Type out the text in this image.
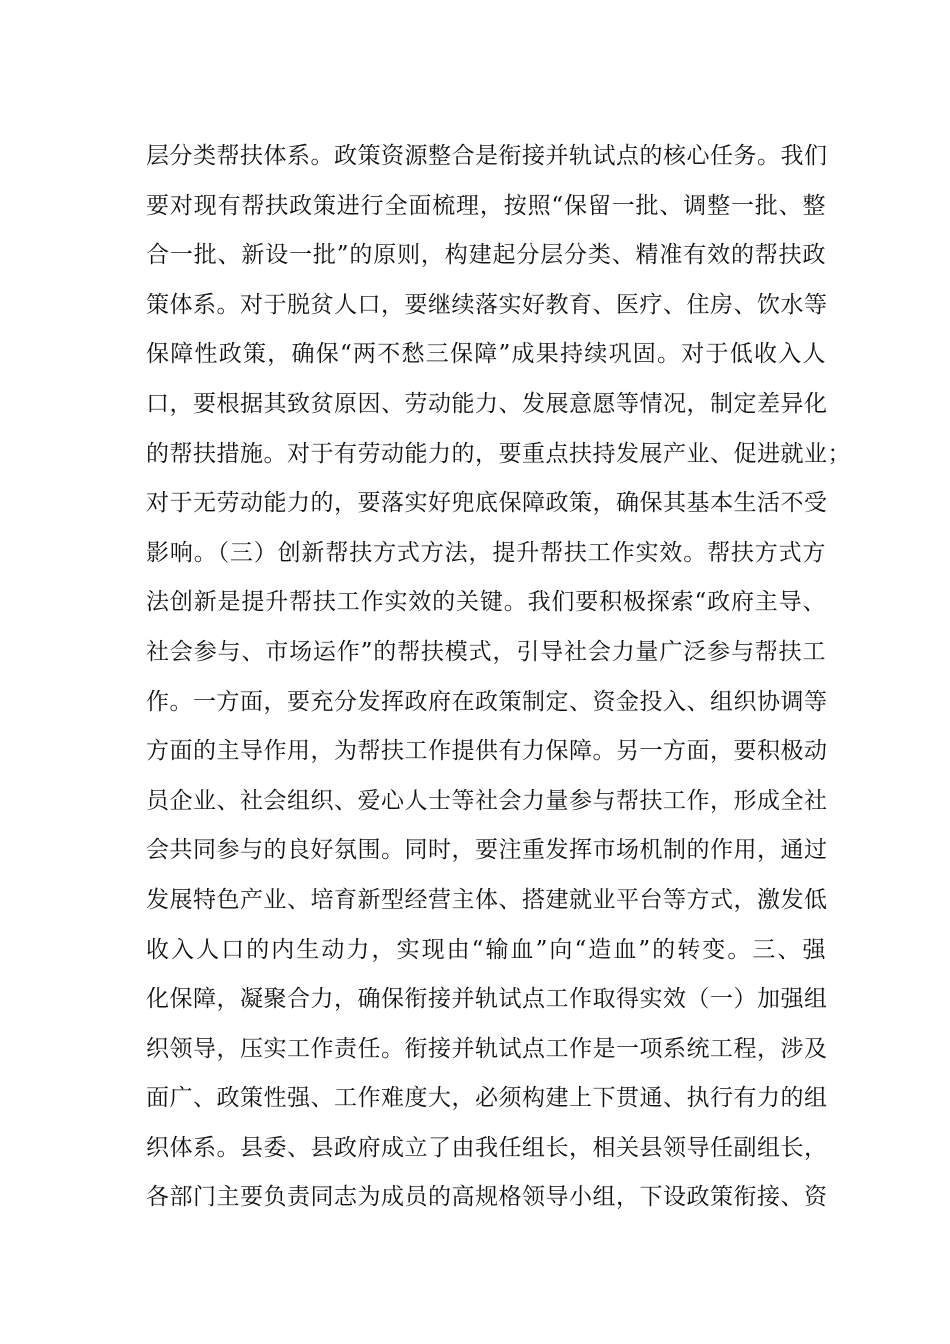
层分类帮扶体系。政策资源整合是衔接并轨试点的核心任务。我们
要对现有帮扶政策进行全面梳理，按照“保留一批、调整一批、整
合一批、新设一批”的原则，构建起分层分类、精准有效的帮扶政
策体系。对于脱贫人口，要继续落实好教育、医疗、住房、饮水等
保障性政策，确保“两不愁三保障”成果持续巩固。对于低收入人
口，要根据其致贫原因、劳动能力、发展意愿等情况，制定差异化
的帮扶措施。对于有劳动能力的，要重点扶持发展产业、促进就业；
对于无劳动能力的，要落实好兜底保障政策，确保其基本生活不受
影响。（三）创新帮扶方式方法，提升帮扶工作实效。帮扶方式方
法创新是提升帮扶工作实效的关键。我们要积极探索“政府主导、
社会参与、市场运作”的帮扶模式，引导社会力量广泛参与帮扶工
作。一方面，要充分发挥政府在政策制定、资金投入、组织协调等
方面的主导作用，为帮扶工作提供有力保障。另一方面，要积极动
员企业、社会组织、爱心人士等社会力量参与帮扶工作，形成全社
会共同参与的良好氛围。同时，要注重发挥市场机制的作用，通过
发展特色产业、培育新型经营主体、搭建就业平台等方式，激发低
收入人口的内生动力，实现由“输血”向“造血”的转变。三、强
化保障，凝聚合力，确保衔接并轨试点工作取得实效（一）加强组
织领导，压实工作责任。衔接并轨试点工作是一项系统工程，涉及
面广、政策性强、工作难度大，必须构建上下贯通、执行有力的组
织体系。县委、县政府成立了由我任组长，相关县领导任副组长，
各部门主要负责同志为成员的高规格领导小组，下设政策衔接、资
